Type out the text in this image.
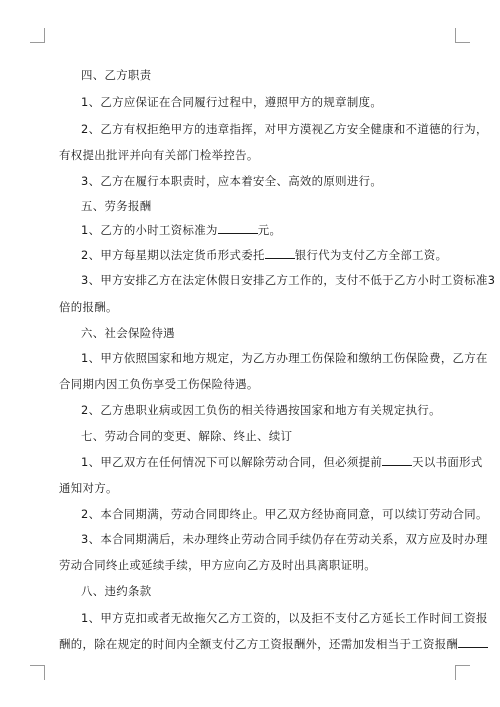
四、乙方职责
1、乙方应保证在合同履行过程中，遵照甲方的规章制度。
2、乙方有权拒绝甲方的违章指挥，对甲方漠视乙方安全健康和不道德的行为，
有权提出批评并向有关部门检举控告。
3、乙方在履行本职责时，应本着安全、高效的原则进行。
五、劳务报酬
1、乙方的小时工资标准为	元。
2、甲方每星期以法定货币形式委托	银行代为支付乙方全部工资。
3、甲方安排乙方在法定休假日安排乙方工作的，支付不低于乙方小时工资标准3
倍的报酬。
六、社会保险待遇
1、甲方依照国家和地方规定，为乙方办理工伤保险和缴纳工伤保险费，乙方在
合同期内因工负伤享受工伤保险待遇。
2、乙方患职业病或因工负伤的相关待遇按国家和地方有关规定执行。
七、劳动合同的变更、解除、终止、续订
1、甲乙双方在任何情况下可以解除劳动合同，但必须提前	天以书面形式
通知对方。
2、本合同期满，劳动合同即终止。甲乙双方经协商同意，可以续订劳动合同。
3、本合同期满后，未办理终止劳动合同手续仍存在劳动关系，双方应及时办理
劳动合同终止或延续手续，甲方应向乙方及时出具离职证明。
八、违约条款
1、甲方克扣或者无故拖欠乙方工资的，以及拒不支付乙方延长工作时间工资报
酬的，除在规定的时间内全额支付乙方工资报酬外，还需加发相当于工资报酬
